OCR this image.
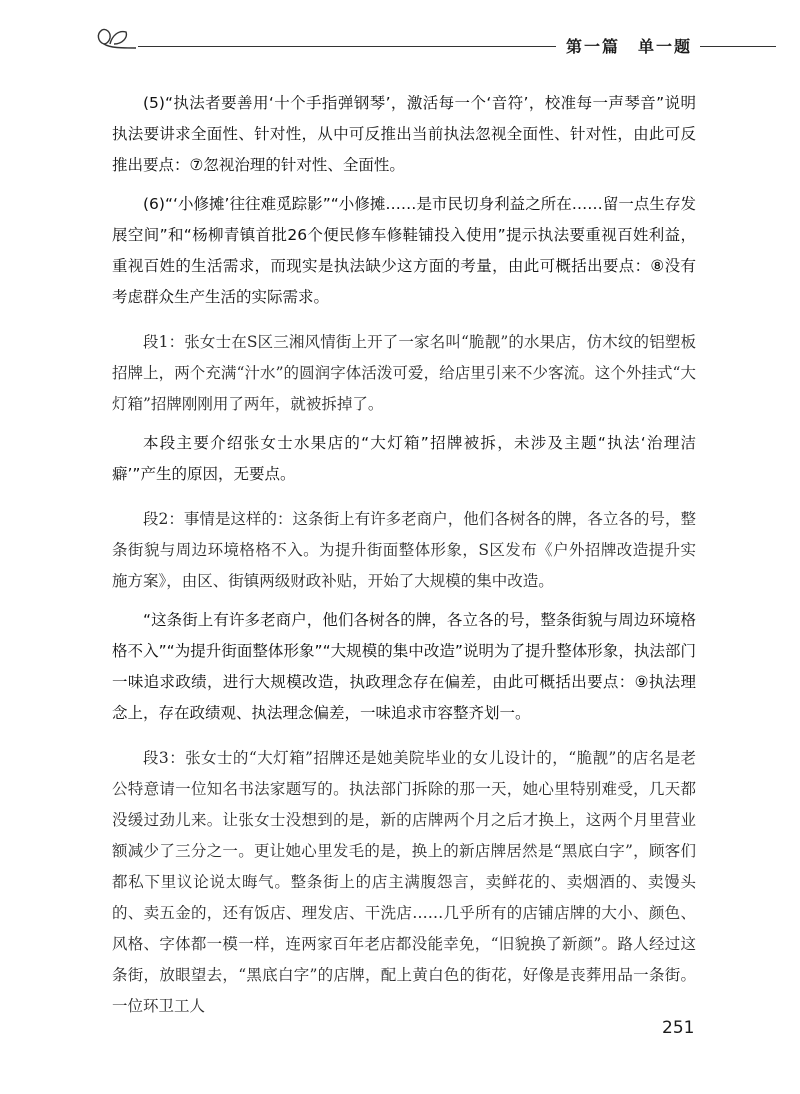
第一篇　单一题

(5)“执法者要善用‘十个手指弹钢琴’，激活每一个‘音符’，校准每一声琴音”说明执法要讲求全面性、针对性，从中可反推出当前执法忽视全面性、针对性，由此可反推出要点：⑦忽视治理的针对性、全面性。

(6)“‘小修摊’往往难觅踪影”“小修摊……是市民切身利益之所在……留一点生存发展空间”和“杨柳青镇首批26个便民修车修鞋铺投入使用”提示执法要重视百姓利益，重视百姓的生活需求，而现实是执法缺少这方面的考量，由此可概括出要点：⑧没有考虑群众生产生活的实际需求。

段1：张女士在S区三湘风情街上开了一家名叫“脆靓”的水果店，仿木纹的铝塑板招牌上，两个充满“汁水”的圆润字体活泼可爱，给店里引来不少客流。这个外挂式“大灯箱”招牌刚刚用了两年，就被拆掉了。

本段主要介绍张女士水果店的“大灯箱”招牌被拆，未涉及主题“执法‘治理洁癖’”产生的原因，无要点。

段2：事情是这样的：这条街上有许多老商户，他们各树各的牌，各立各的号，整条街貌与周边环境格格不入。为提升街面整体形象，S区发布《户外招牌改造提升实施方案》，由区、街镇两级财政补贴，开始了大规模的集中改造。

“这条街上有许多老商户，他们各树各的牌，各立各的号，整条街貌与周边环境格格不入”“为提升街面整体形象”“大规模的集中改造”说明为了提升整体形象，执法部门一味追求政绩，进行大规模改造，执政理念存在偏差，由此可概括出要点：⑨执法理念上，存在政绩观、执法理念偏差，一味追求市容整齐划一。

段3：张女士的“大灯箱”招牌还是她美院毕业的女儿设计的，“脆靓”的店名是老公特意请一位知名书法家题写的。执法部门拆除的那一天，她心里特别难受，几天都没缓过劲儿来。让张女士没想到的是，新的店牌两个月之后才换上，这两个月里营业额减少了三分之一。更让她心里发毛的是，换上的新店牌居然是“黑底白字”，顾客们都私下里议论说太晦气。整条街上的店主满腹怨言，卖鲜花的、卖烟酒的、卖馒头的、卖五金的，还有饭店、理发店、干洗店……几乎所有的店铺店牌的大小、颜色、风格、字体都一模一样，连两家百年老店都没能幸免，“旧貌换了新颜”。路人经过这条街，放眼望去，“黑底白字”的店牌，配上黄白色的街花，好像是丧葬用品一条街。一位环卫工人

251
